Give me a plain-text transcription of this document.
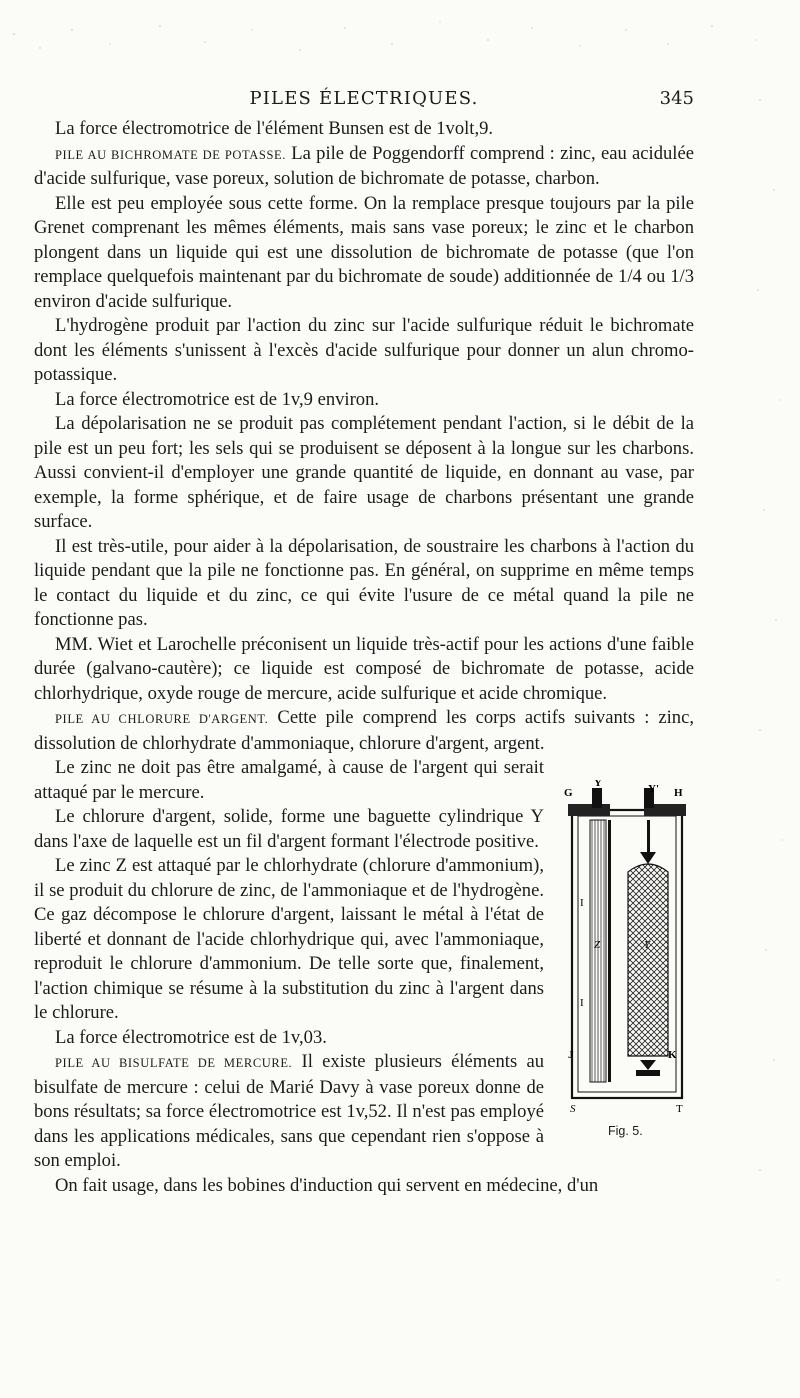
PILES ÉLECTRIQUES.	345

La force électromotrice de l'élément Bunsen est de 1volt,9.

PILE AU BICHROMATE DE POTASSE. La pile de Poggendorff comprend : zinc, eau acidulée d'acide sulfurique, vase poreux, solution de bichromate de potasse, charbon.

Elle est peu employée sous cette forme. On la remplace presque toujours par la pile Grenet comprenant les mêmes éléments, mais sans vase poreux; le zinc et le charbon plongent dans un liquide qui est une dissolution de bichromate de potasse (que l'on remplace quelquefois maintenant par du bichromate de soude) additionnée de 1/4 ou 1/3 environ d'acide sulfurique.

L'hydrogène produit par l'action du zinc sur l'acide sulfurique réduit le bichromate dont les éléments s'unissent à l'excès d'acide sulfurique pour donner un alun chromo-potassique.

La force électromotrice est de 1v,9 environ.

La dépolarisation ne se produit pas complétement pendant l'action, si le débit de la pile est un peu fort; les sels qui se produisent se déposent à la longue sur les charbons. Aussi convient-il d'employer une grande quantité de liquide, en donnant au vase, par exemple, la forme sphérique, et de faire usage de charbons présentant une grande surface.

Il est très-utile, pour aider à la dépolarisation, de soustraire les charbons à l'action du liquide pendant que la pile ne fonctionne pas. En général, on supprime en même temps le contact du liquide et du zinc, ce qui évite l'usure de ce métal quand la pile ne fonctionne pas.

MM. Wiet et Larochelle préconisent un liquide très-actif pour les actions d'une faible durée (galvano-cautère); ce liquide est composé de bichromate de potasse, acide chlorhydrique, oxyde rouge de mercure, acide sulfurique et acide chromique.

PILE AU CHLORURE D'ARGENT. Cette pile comprend les corps actifs suivants : zinc, dissolution de chlorhydrate d'ammoniaque, chlorure d'argent, argent.

G
Y	Y' H
I
Z	Y
I
J	K
S	T
Fig. 5.

Le zinc ne doit pas être amalgamé, à cause de l'argent qui serait attaqué par le mercure.

Le chlorure d'argent, solide, forme une baguette cylindrique Y dans l'axe de laquelle est un fil d'argent formant l'électrode positive.

Le zinc Z est attaqué par le chlorhydrate (chlorure d'ammonium), il se produit du chlorure de zinc, de l'ammoniaque et de l'hydrogène. Ce gaz décompose le chlorure d'argent, laissant le métal à l'état de liberté et donnant de l'acide chlorhydrique qui, avec l'ammoniaque, reproduit le chlorure d'ammonium. De telle sorte que, finalement, l'action chimique se résume à la substitution du zinc à l'argent dans le chlorure.

La force électromotrice est de 1v,03.

PILE AU BISULFATE DE MERCURE. Il existe plusieurs éléments au bisulfate de mercure : celui de Marié Davy à vase poreux donne de bons résultats; sa force électromotrice est 1v,52. Il n'est pas employé dans les applications médicales, sans que cependant rien s'oppose à son emploi.

On fait usage, dans les bobines d'induction qui servent en médecine, d'un
